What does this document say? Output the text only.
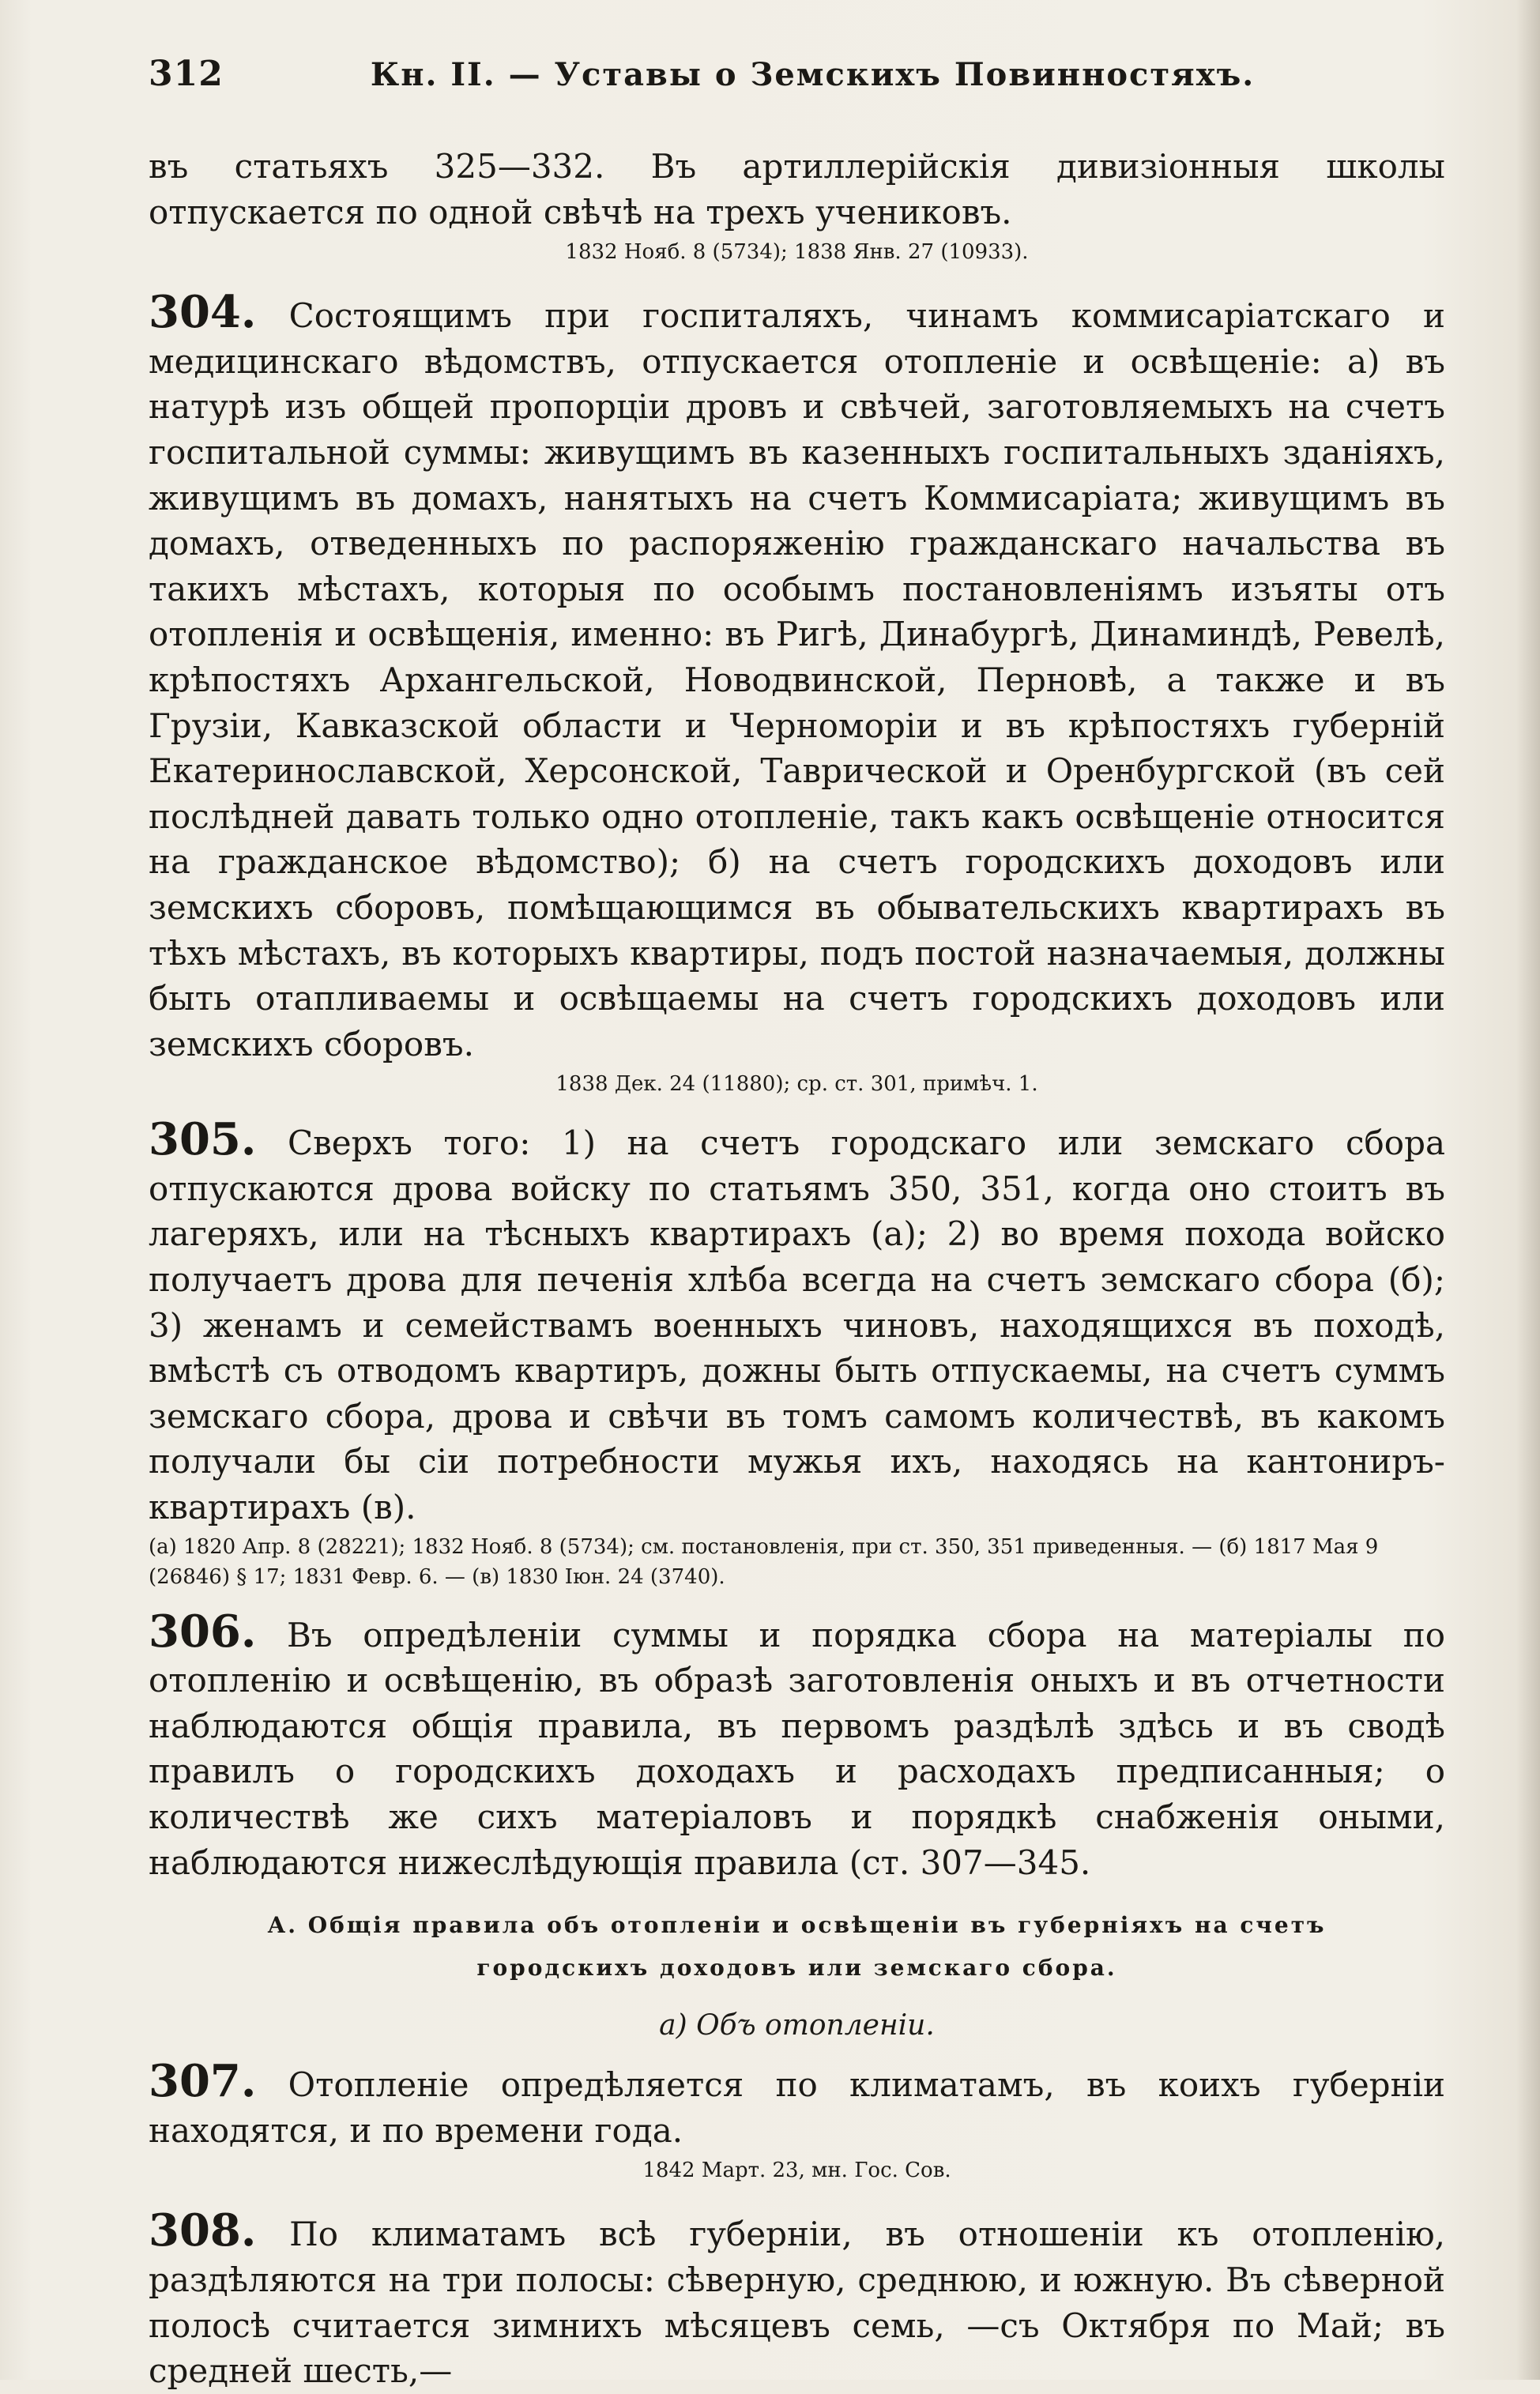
312	Кн. II. — Уставы о Земскихъ Повинностяхъ.

въ статьяхъ 325—332. Въ артиллерійскія дивизіонныя школы отпускается по одной свѣчѣ на трехъ учениковъ.

1832 Нояб. 8 (5734); 1838 Янв. 27 (10933).

304. Состоящимъ при госпиталяхъ, чинамъ коммисаріатскаго и медицинскаго вѣдомствъ, отпускается отопленіе и освѣщеніе: а) въ натурѣ изъ общей пропорціи дровъ и свѣчей, заготовляемыхъ на счетъ госпитальной суммы: живущимъ въ казенныхъ госпитальныхъ зданіяхъ, живущимъ въ домахъ, нанятыхъ на счетъ Коммисаріата; живущимъ въ домахъ, отведенныхъ по распоряженію гражданскаго начальства въ такихъ мѣстахъ, которыя по особымъ постановленіямъ изъяты отъ отопленія и освѣщенія, именно: въ Ригѣ, Динабургѣ, Динаминдѣ, Ревелѣ, крѣпостяхъ Архангельской, Новодвинской, Перновѣ, а также и въ Грузіи, Кавказской области и Черноморіи и въ крѣпостяхъ губерній Екатеринославской, Херсонской, Таврической и Оренбургской (въ сей послѣдней давать только одно отопленіе, такъ какъ освѣщеніе относится на гражданское вѣдомство); б) на счетъ городскихъ доходовъ или земскихъ сборовъ, помѣщающимся въ обывательскихъ квартирахъ въ тѣхъ мѣстахъ, въ которыхъ квартиры, подъ постой назначаемыя, должны быть отапливаемы и освѣщаемы на счетъ городскихъ доходовъ или земскихъ сборовъ.

1838 Дек. 24 (11880); ср. ст. 301, примѣч. 1.

305. Сверхъ того: 1) на счетъ городскаго или земскаго сбора отпускаются дрова войску по статьямъ 350, 351, когда оно стоитъ въ лагеряхъ, или на тѣсныхъ квартирахъ (а); 2) во время похода войско получаетъ дрова для печенія хлѣба всегда на счетъ земскаго сбора (б); 3) женамъ и семействамъ военныхъ чиновъ, находящихся въ походѣ, вмѣстѣ съ отводомъ квартиръ, дожны быть отпускаемы, на счетъ суммъ земскаго сбора, дрова и свѣчи въ томъ самомъ количествѣ, въ какомъ получали бы сіи потребности мужья ихъ, находясь на кантониръ-квартирахъ (в).

(а) 1820 Апр. 8 (28221); 1832 Нояб. 8 (5734); см. постановленія, при ст. 350, 351 приведенныя. — (б) 1817 Мая 9 (26846) § 17; 1831 Февр. 6. — (в) 1830 Іюн. 24 (3740).

306. Въ опредѣленіи суммы и порядка сбора на матеріалы по отопленію и освѣщенію, въ образѣ заготовленія оныхъ и въ отчетности наблюдаются общія правила, въ первомъ раздѣлѣ здѣсь и въ сводѣ правилъ о городскихъ доходахъ и расходахъ предписанныя; о количествѣ же сихъ матеріаловъ и порядкѣ снабженія оными, наблюдаются нижеслѣдующія правила (ст. 307—345.

А. Общія правила объ отопленіи и освѣщеніи въ губерніяхъ на счетъ городскихъ доходовъ или земскаго сбора.

а) Объ отопленіи.

307. Отопленіе опредѣляется по климатамъ, въ коихъ губерніи находятся, и по времени года.

1842 Март. 23, мн. Гос. Сов.

308. По климатамъ всѣ губерніи, въ отношеніи къ отопленію, раздѣляются на три полосы: сѣверную, среднюю, и южную. Въ сѣверной полосѣ считается зимнихъ мѣсяцевъ семь, —съ Октября по Май; въ средней шесть,—
